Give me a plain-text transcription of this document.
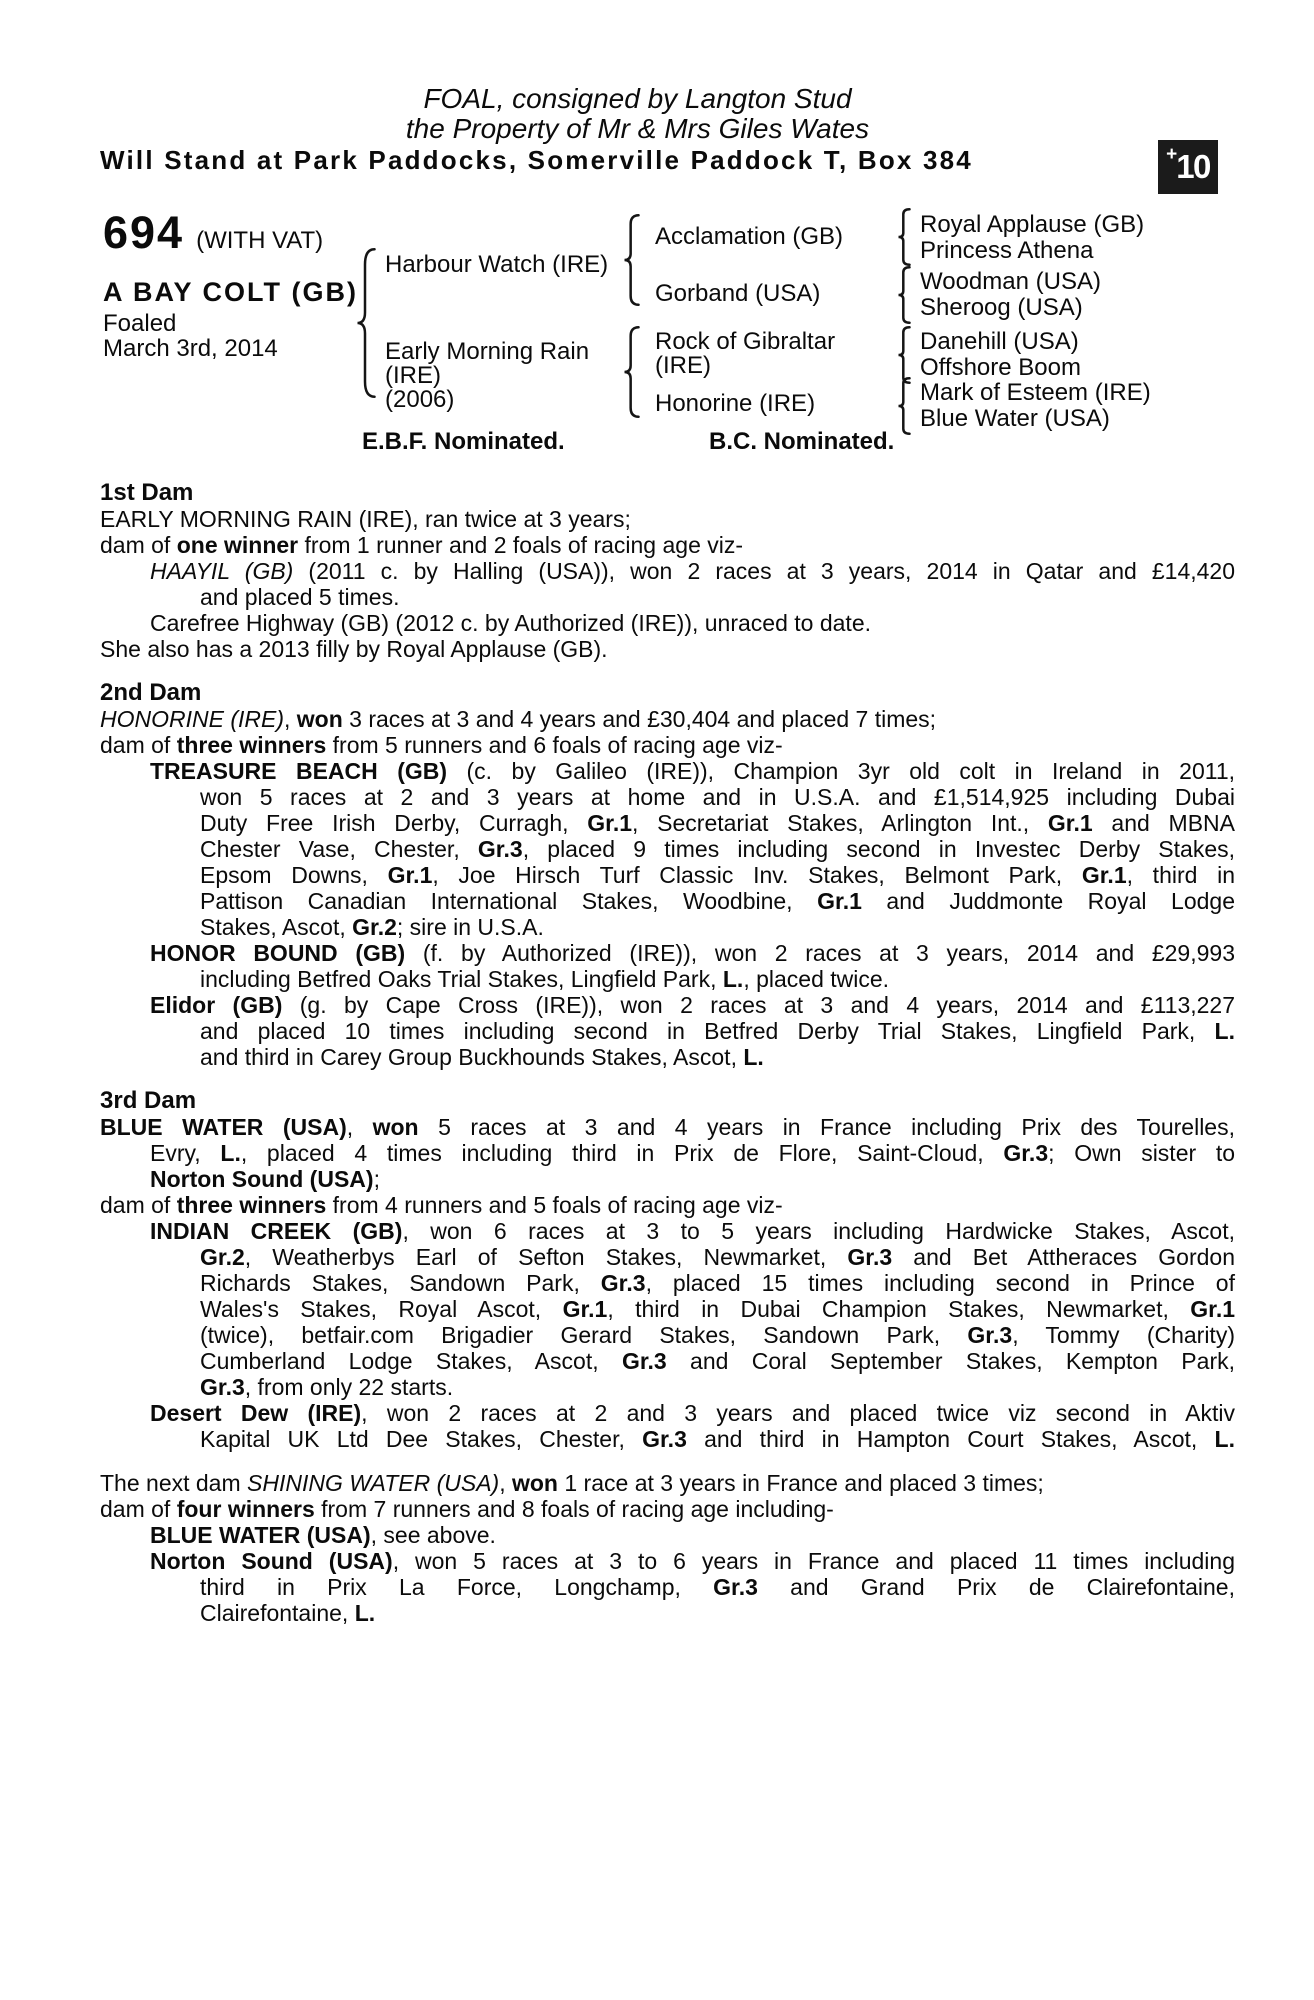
FOAL, consigned by Langton Stud
the Property of Mr & Mrs Giles Wates
Will Stand at Park Paddocks, Somerville Paddock T, Box 384	+ 10
694 (WITH VAT)
A BAY COLT (GB)
Foaled
March 3rd, 2014
Harbour Watch (IRE)
Early Morning Rain
(IRE)
(2006)
Acclamation (GB)
Gorband (USA)
Rock of Gibraltar
(IRE)
Honorine (IRE)
Royal Applause (GB)
Princess Athena
Woodman (USA)
Sheroog (USA)
Danehill (USA)
Offshore Boom
Mark of Esteem (IRE)
Blue Water (USA)
E.B.F. Nominated.	B.C. Nominated.
1st Dam
EARLY MORNING RAIN (IRE), ran twice at 3 years;
dam of one winner from 1 runner and 2 foals of racing age viz-
HAAYIL (GB) (2011 c. by Halling (USA)), won 2 races at 3 years, 2014 in Qatar and £14,420
and placed 5 times.
Carefree Highway (GB) (2012 c. by Authorized (IRE)), unraced to date.
She also has a 2013 filly by Royal Applause (GB).
2nd Dam
HONORINE (IRE), won 3 races at 3 and 4 years and £30,404 and placed 7 times;
dam of three winners from 5 runners and 6 foals of racing age viz-
TREASURE BEACH (GB) (c. by Galileo (IRE)), Champion 3yr old colt in Ireland in 2011,
won 5 races at 2 and 3 years at home and in U.S.A. and £1,514,925 including Dubai
Duty Free Irish Derby, Curragh, Gr.1, Secretariat Stakes, Arlington Int., Gr.1 and MBNA
Chester Vase, Chester, Gr.3, placed 9 times including second in Investec Derby Stakes,
Epsom Downs, Gr.1, Joe Hirsch Turf Classic Inv. Stakes, Belmont Park, Gr.1, third in
Pattison Canadian International Stakes, Woodbine, Gr.1 and Juddmonte Royal Lodge
Stakes, Ascot, Gr.2; sire in U.S.A.
HONOR BOUND (GB) (f. by Authorized (IRE)), won 2 races at 3 years, 2014 and £29,993
including Betfred Oaks Trial Stakes, Lingfield Park, L., placed twice.
Elidor (GB) (g. by Cape Cross (IRE)), won 2 races at 3 and 4 years, 2014 and £113,227
and placed 10 times including second in Betfred Derby Trial Stakes, Lingfield Park, L.
and third in Carey Group Buckhounds Stakes, Ascot, L.
3rd Dam
BLUE WATER (USA), won 5 races at 3 and 4 years in France including Prix des Tourelles,
Evry, L., placed 4 times including third in Prix de Flore, Saint-Cloud, Gr.3; Own sister to
Norton Sound (USA);
dam of three winners from 4 runners and 5 foals of racing age viz-
INDIAN CREEK (GB), won 6 races at 3 to 5 years including Hardwicke Stakes, Ascot,
Gr.2, Weatherbys Earl of Sefton Stakes, Newmarket, Gr.3 and Bet Attheraces Gordon
Richards Stakes, Sandown Park, Gr.3, placed 15 times including second in Prince of
Wales's Stakes, Royal Ascot, Gr.1, third in Dubai Champion Stakes, Newmarket, Gr.1
(twice), betfair.com Brigadier Gerard Stakes, Sandown Park, Gr.3, Tommy (Charity)
Cumberland Lodge Stakes, Ascot, Gr.3 and Coral September Stakes, Kempton Park,
Gr.3, from only 22 starts.
Desert Dew (IRE), won 2 races at 2 and 3 years and placed twice viz second in Aktiv
Kapital UK Ltd Dee Stakes, Chester, Gr.3 and third in Hampton Court Stakes, Ascot, L.
The next dam SHINING WATER (USA), won 1 race at 3 years in France and placed 3 times;
dam of four winners from 7 runners and 8 foals of racing age including-
BLUE WATER (USA), see above.
Norton Sound (USA), won 5 races at 3 to 6 years in France and placed 11 times including
third in Prix La Force, Longchamp, Gr.3 and Grand Prix de Clairefontaine,
Clairefontaine, L.
